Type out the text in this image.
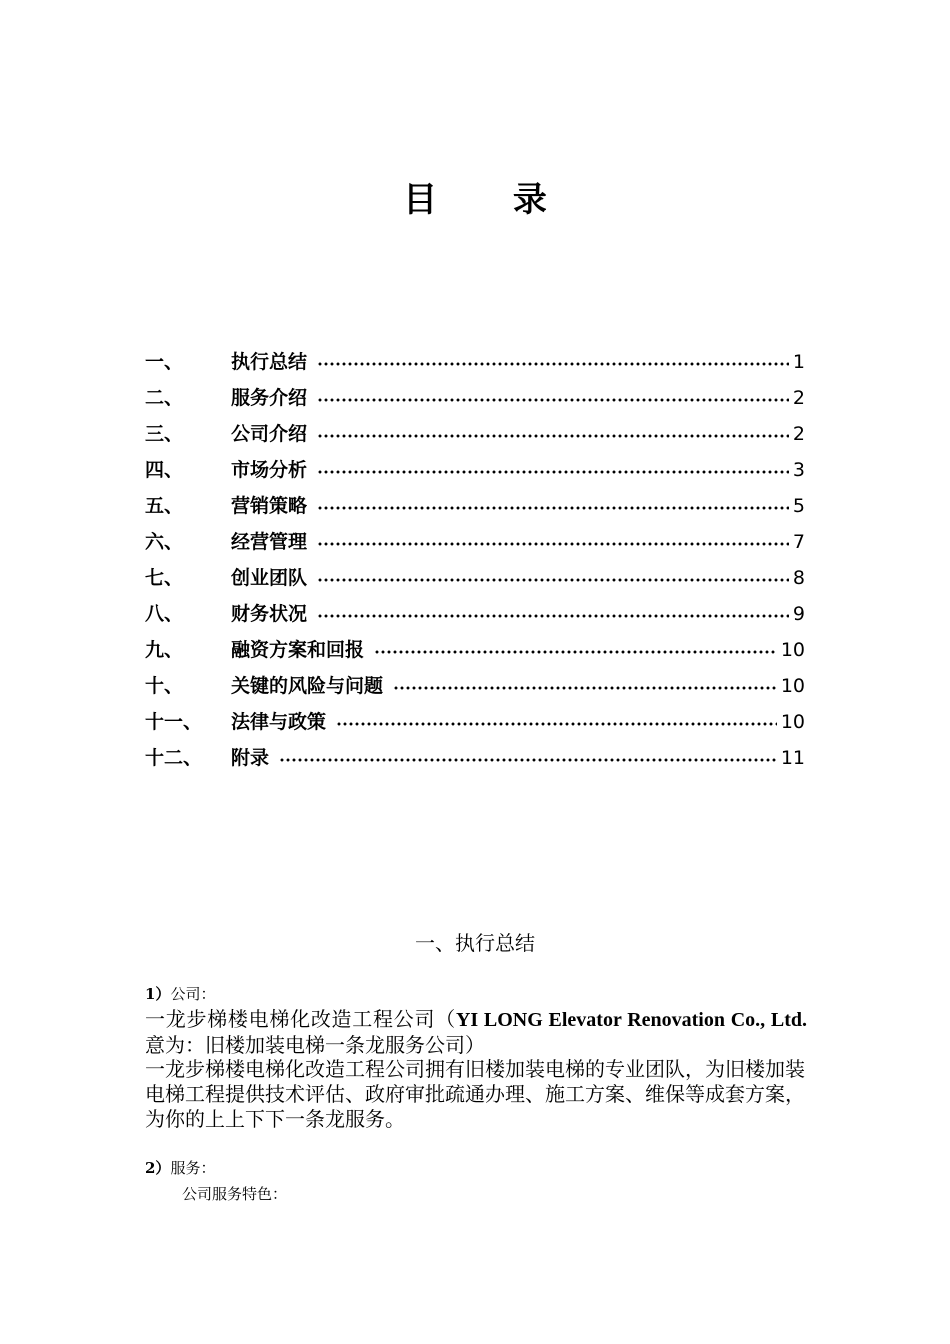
目 录
一、	执行总结	1
二、	服务介绍	2
三、	公司介绍	2
四、	市场分析	3
五、	营销策略	5
六、	经营管理	7
七、	创业团队	8
八、	财务状况	9
九、	融资方案和回报	10
十、	关键的风险与问题	10
十一、	法律与政策	10
十二、	附录	11
一、执行总结
1）公司：
一龙步梯楼电梯化改造工程公司（YI LONG Elevator Renovation Co., Ltd. 意为：旧楼加装电梯一条龙服务公司）
一龙步梯楼电梯化改造工程公司拥有旧楼加装电梯的专业团队，为旧楼加装电梯工程提供技术评估、政府审批疏通办理、施工方案、维保等成套方案，为你的上上下下一条龙服务。
2）服务：
公司服务特色：
